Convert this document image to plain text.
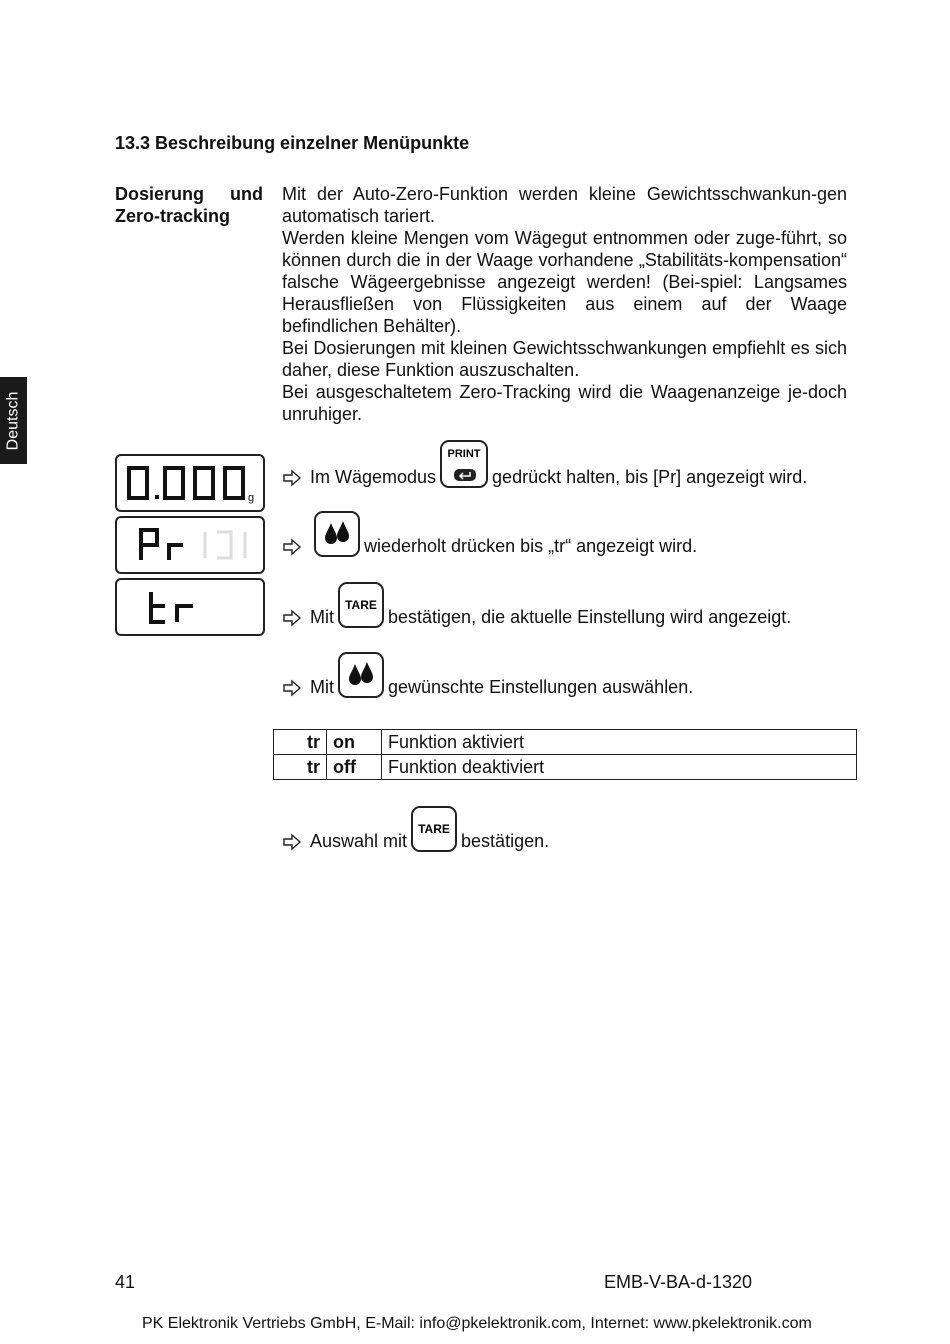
Deutsch
13.3 Beschreibung einzelner Menüpunkte
Dosierung und
Zero-tracking

Mit der Auto-Zero-Funktion werden kleine Gewichtsschwankun-gen automatisch tariert.

Werden kleine Mengen vom Wägegut entnommen oder zuge-führt, so können durch die in der Waage vorhandene „Stabilitäts-kompensation“ falsche Wägeergebnisse angezeigt werden! (Bei-spiel: Langsames Herausfließen von Flüssigkeiten aus einem auf der Waage befindlichen Behälter).

Bei Dosierungen mit kleinen Gewichtsschwankungen empfiehlt es sich daher, diese Funktion auszuschalten.

Bei ausgeschaltetem Zero-Tracking wird die Waagenanzeige je-doch unruhiger.

g
Im Wägemodus
PRINT
gedrückt halten, bis [Pr] angezeigt wird.
wiederholt drücken bis „tr“ angezeigt wird.
Mit
TARE
bestätigen, die aktuelle Einstellung wird angezeigt.
Mit	gewünschte Einstellungen auswählen.
tr	on	Funktion aktiviert
tr	off	Funktion deaktiviert
Auswahl mit
TARE
bestätigen.
41	EMB-V-BA-d-1320
PK Elektronik Vertriebs GmbH, E-Mail: info@pkelektronik.com, Internet: www.pkelektronik.com
